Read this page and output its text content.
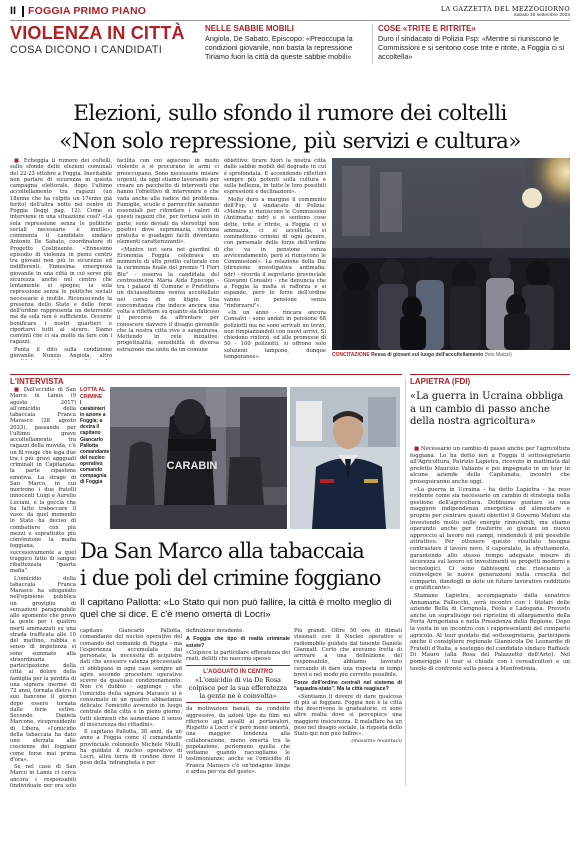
II FOGGIA PRIMO PIANO	LA GAZZETTA DEL MEZZOGIORNO
Sabato 16 settembre 2023
VIOLENZA IN CITTÀ
COSA DICONO I CANDIDATI
NELLE SABBIE MOBILI
Angiola, De Sabato, Episcopo: «Preoccupa la condizioni giovanile, non basta la repressione Tiriamo fuori la città da queste sabbie mobili»
COSE «TRITE E RITRITE»
Duro il sindacato di Polizia Fsp: «Mentre si riuniscono le Commissioni e si sentono cose trite e ritrite, a Foggia ci si accoltella»
Elezioni, sullo sfondo il rumore dei coltelli
«Non solo repressione, più servizi e cultura»

■ Echeggia il rumore dei coltelli, sullo sfondo delle elezioni comunali del 22-23 ottobre a Foggia. Inevitabile non parlare di sicurezza in questa campagna elettorale, dopo l'ultimo accoltellamento tra ragazzi (un 18enne che ha colpito un 17enne già ferito) dell'altra notte nel centro di Foggia (leggi pag. 12). Come si interviene in una situazione così? «La sola repressione senza le politiche sociali necessarie è inutile», commenta il candidato sindaco Antonio De Sabato, coordinatore di Progetto Costituente. «Ennesimo episodio di violenza in pieno centro tra giovani non più in sicurezza ed indifferenti. Ennesima emergenza giovanile in una città in cui serve più sicurezza anche nel centro che lentamente si spegne; la sola repressione senza le politiche sociali necessarie è inutile. Riconoscendo la presenza dello Stato e delle forze dell'ordine rappresenta un deterrente ma da sola non è sufficiente. Occorre bonificare i nostri quartieri e riportarvi tutti al sicuro. Siamo convinti che ci sia molto da fare con i ragazzi.

Punta il dito sulla condizione giovanile Nunzio Angiola, altro

facilità con cui agiscono in modo violento e si procurano le armi ci preoccupano. Sono necessarie misure urgenti, da oggi stiamo lavorando per creare un pacchetto di interventi che hanno l'obiettivo di intervenire e che vada anche alla radice del problema. Famiglie, scuole e parrocchie saranno essenziali per rifondare i valori di questi ragazzi che, per fortuna solo in parte, sono deviati da stereotipi non positivi dove supremazia, violenza gratuita e guadagni facili diventano elementi caratterizzanti».

«Mentre ieri sera nei giardini di Economia Foggia celebrava un momento di alto profilo culturale con la cerimonia finale del premio "I Fiori Blu" - osserva la candidata del centrosinistra Maria Aida Episcopo - tra i palazzi di Comune e Prefettura un diciassettenne veniva accoltellato nel corso di un litigio. Una concomitanza che induce ancora una volta a riflettere su quanto sia faticoso il percorso da affrontare per conoscere davvero il disagio giovanile che la nostra città vive e sanguinosa. Mettendo in rete iniziative, progettualità, sensibilità di diversa estrazione ma unite da un comune

obiettivo: tirare fuori la nostra città dalle sabbie mobili del degrado in cui è sprofondata. E accendendo riflettori sempre più potenti sulla cultura e sulla bellezza, in tutte le loro possibili espressioni e declinazioni».

Molto duro a margine il commento dell'Fsp, il sindacato di Polizia: «Mentre si riuniscono le Commissioni (Antimafia; ndr) e si sentono cose dette, trite e ritrite, a Foggia ci si ammazza, ci si accoltella, si commettono crimini di ogni genere, con personale delle forze dell'ordine che va in pensione senza avvicendamento, però si riuniscono le Commissioni». La relazione della Dia (direzione investigativa antimafia; ndr) - ricorda il segretario provinciale Giovanni Consalvi - che denuncia che a Foggia la mafia si rafforza e si espande, però le forze dell'ordine vanno in pensione senza "rinforzarsi"».

«In un anno - rincara ancora Consalvi - sono andati in pensione 68 poliziotti ma ne sono arrivati un terzo, non rimpiazzandoli con nuovi arrivi. Si chiedono rinforzi, ed alle promesse di 50 - 100 poliziotti, si offrono solo soluzioni tampone, dunque temporanee».	CONCITAZIONE Ressa di giovani sul luogo dell'accoltellamento (foto Maizzi)
L'INTERVISTA

■ Dall'eccidio di San Marco in Lamis (9 agosto 2017) all'omicidio della tabaccaia Franca Marasco (28 agosto 2023), passando per l'ultimo grave accoltellamento tra ragazzi della movida, c'è un fil rouge che lega due tra i più gravi aggguati criminali in Capitanata: la parte cipastone emotiva. La strage di San Marco, in cui morirono i due fratelli innocenti Luigi e Aurelio Luciani, è la goccia che ha fatto traboccare il vaso: da quel momento lo Stato ha deciso di combattere con più mezzi e soprattutto più convinzione la mafia foggiana, successivamente a quel traggico fatto di sangue ribattezzata "quarta mafia".

L'omicidio della tabaccaia Franca Marasco ha sdoganato nell'opinione pubblica un groviglio di sensazioni paragonabile allo sgomento che provò la gente per i quattro morti ammazzati su una strada trafficata alle 10 del mattino, rabbia e senso di impotenza si sono sommate alla straordinaria partecipazione della città ai dolore della famiglia per la perdita di una signora inerme di 72 anni, tornata dietro il suo bancone il giorno dopo essere tornata dalle ferie estive. Secondo Daniela Marcone, vicepresidente di Libera, «l'omicidio della tabaccaia ha dato uno sferzata alle coscienze dei foggiani come forse mai prima d'ora».

Se nel caso di San Marco in Lamis ci cerca ancora i responsabili (individuate per ora solo

LOTTA AL CRIMINE
I carabinieri in azione a Foggia; a destra il capitano Giancarlo Pallotta comandante del nucleo operativo comando compagnia di Foggia
CARABIN
Da San Marco alla tabaccaia
i due poli del crimine foggiano
Il capitano Pallotta: «Lo Stato qui non può fallire, la città è molto meglio di quel che si dice. E c'è meno omertà di Locri»

capitano Giancarlo Pallotta, comandante del nucleo operativo del comando del comando di Foggia - ma l'esperienza accumulata dai personale, la necessità di acquisire dati che avessero valenza processuale ci obbligano in ogni caso sempre ad agire secondo procedure operative scevre da qualsiasi condizionamento. Non c'è dubbio - aggiunge - che l'omicidio della signora Marasco si è consumato in un quadro abbastanza delicato: l'omicidio avvenuto in luogo centrale della città e in pieno giorno, tutti elementi che aumentano il senso di insicurezza dei cittadini».

Il capitano Pallotta, 38 anni, da un anno a Foggia come il comandante provinciale colonnello Michele Miulli, ha guidato il nucleo operativo di Locri, altra terra di confine dove il peso della 'ndrangheta è per

definizione invadente.

A Foggia che tipo di realtà criminale esiste?

«Colpisce la particolare efferatezza dei reati, delitti che nascono spesso

L'AGGUATO IN CENTRO
«L'omicidio di via De Rosa colpisce per la sua efferatezza la gente ne è coinvolta»

da motivazioni banali, da condotte aggressive, da azioni tipo da film: mi riferisco agli assalti ai portavalori. Rispetto a Locri c'è però meno omertà, una maggior tendenza alla collaborazione, meno omertà tra la popolazione, perlomeno quella che vediamo quando raccogliamo le testimonianze; anche se l'omicidio di Franca Marasco c'è un'indagine lunga e ardua per via del gesto».

Più grandi. Oltre 50 ore di filmati visionati con il Nucleo operativo e radiomobile guidato dal tenente Daniele Giannatt. Certo che avevamo fretta di arrivare a una definizione del responsabile, abbiamo lavorato cercando di dare una risposta in tempi brevi e nel modo più corretto possibile.

Forze dell'ordine centrali nel sistema di "squadra-stato". Ma la città reagisce?

«Sentiamo il dovere di dare qualcosa di più ai foggiani. Foggia non è la città che descrivono le graduatorie, ci sono altre realtà dove si percepisce una maggiore insicurezza. Il malaffare ha un peso nel disagio sociale, la risposta dello Stato qui non può fallire».

(massimo levantaci)

LAPIETRA (FDI)
«La guerra in Ucraina obbliga a un cambio di passo anche della nostra agricoltura»

■ Necessario un cambio di passo anche per l'agricoltura foggiana. Lo ha detto ieri a Foggia il sottosegretario all'Agricoltura, Patrizio Lapietra, ricevuto in mattinata dal prefetto Maurizio Valiante e poi impegnato in un tour in alcune aziende della Capitanata, incontri che proseguiranno anche oggi.

«La guerra in Ucraina - ha detto Lapietra - ha reso evidente come sia necessario un cambio di strategia nella gestione dell'agricoltura. Dobbiamo puntare su una maggiore indipendenza energetica ed alimentare e proprio per centrare questi obiettivi il Governo Meloni sta investendo molto sulle energie rinnovabili, ma stiamo operando anche per trasferire ai giovani un nuovo approccio al lavoro nei campi, rendendoli il più possibile attrattivo. Per ottenere questo risultato bisogna contrastare il lavoro nero, il caporalato, la sfruttamento, garantendo allo stesso tempo adeguate misure di sicurezza sul lavoro ed investimenti su progetti moderni e tecnologici. Ci sono fabbisogni che riusciamo a coinvolgere le nuove generazioni nella crescita del comparto, dandogli in dote un futuro lavorativo redditizio e gratificante».

Stamane Lapietra, accompagnato dalla senatrice Annamaria Fallucchi, avrà incontri con i titolari delle aziende Bella di Cerignola, Feola e Ladogana. Previsto anche un sopralluogo nei ripristini di allargamento della Porta Arrigeriana e nella Presidenza della Regione. Dopo la visita in un incontro con i rappresentanti del comparto agricolo. Al tour guidato dal sottosegretario, parteciperà anche il consigliere regionale Giannicola De Leonardis di Fratelli d'Italia, a sostegno del candidato sindaco Raffaele Di Mauro (alla Rosa del Palazzetto dell'Arte). Nel pomeriggio il tour si chiude con i cerealicoltori e un tavolo di confronto sulla pesca a Manfredonia.
